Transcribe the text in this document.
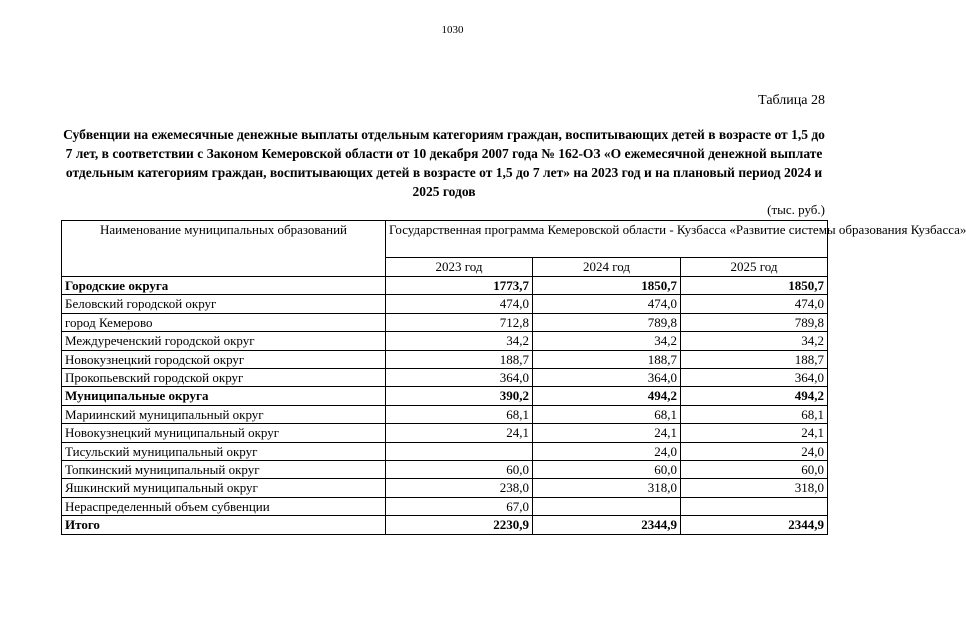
1030
Таблица 28
Субвенции на ежемесячные денежные выплаты отдельным категориям граждан, воспитывающих детей в возрасте от 1,5 до 7 лет, в соответствии с Законом Кемеровской области от 10 декабря 2007 года № 162-ОЗ «О ежемесячной денежной выплате отдельным категориям граждан, воспитывающих детей в возрасте от 1,5 до 7 лет» на 2023 год и на плановый период 2024 и 2025 годов
(тыс. руб.)
Наименование муниципальных образований	Государственная программа Кемеровской области - Кузбасса «Развитие системы образования Кузбасса»		
	2023 год	2024 год	2025 год
Городские округа	1773,7	1850,7	1850,7
Беловский городской округ	474,0	474,0	474,0
город Кемерово	712,8	789,8	789,8
Междуреченский городской округ	34,2	34,2	34,2
Новокузнецкий городской округ	188,7	188,7	188,7
Прокопьевский городской округ	364,0	364,0	364,0
Муниципальные округа	390,2	494,2	494,2
Мариинский муниципальный округ	68,1	68,1	68,1
Новокузнецкий муниципальный округ	24,1	24,1	24,1
Тисульский муниципальный округ		24,0	24,0
Топкинский муниципальный округ	60,0	60,0	60,0
Яшкинский муниципальный округ	238,0	318,0	318,0
Нераспределенный объем субвенции	67,0		
Итого	2230,9	2344,9	2344,9
